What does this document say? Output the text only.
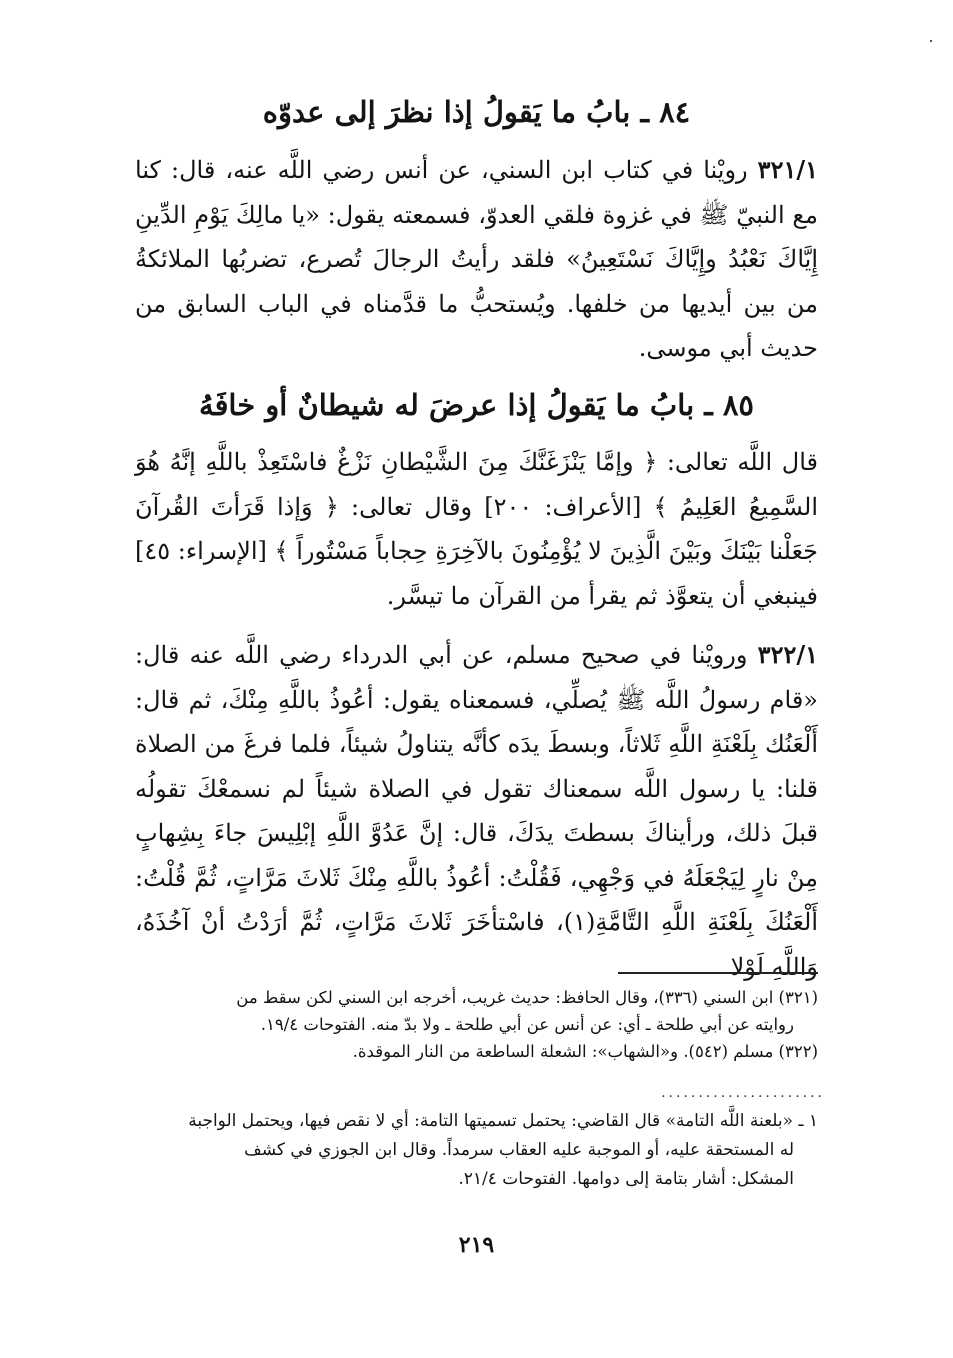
٨٤ ـ بابُ ما يَقولُ إذا نظرَ إلى عدوّه
٣٢١/١ رويْنا في كتاب ابن السني، عن أنس رضي اللَّه عنه، قال: كنا مع النبيّ ﷺ في غزوة فلقي العدوّ، فسمعته يقول: «يا مالِكَ يَوْمِ الدِّينِ إِيَّاكَ نَعْبُدُ وإِيَّاكَ نَسْتَعِينُ» فلقد رأيتُ الرجالَ تُصرع، تضربُها الملائكةُ من بين أيديها من خلفها. ويُستحبُّ ما قدَّمناه في الباب السابق من حديث أبي موسى.
٨٥ ـ بابُ ما يَقولُ إذا عرضَ له شيطانٌ أو خافَهُ
قال اللَّه تعالى: ﴿ وإمَّا يَنْزَغَنَّكَ مِنَ الشَّيْطانِ نَزْغٌ فاسْتَعِذْ باللَّهِ إنَّهُ هُوَ السَّمِيعُ العَلِيمُ ﴾ [الأعراف: ٢٠٠] وقال تعالى: ﴿ وَإذا قَرَأتَ القُرآنَ جَعَلْنا بَيْنَكَ وبَيْنَ الَّذِينَ لا يُؤْمِنُونَ بالآخِرَةِ حِجاباً مَسْتُوراً ﴾ [الإسراء: ٤٥] فينبغي أن يتعوَّذ ثم يقرأ من القرآن ما تيسَّر.
٣٢٢/١ ورويْنا في صحيح مسلم، عن أبي الدرداء رضي اللَّه عنه قال: «قام رسولُ اللَّه ﷺ يُصلِّي، فسمعناه يقول: أعُوذُ باللَّهِ مِنْكَ، ثم قال: أَلْعَنُك بِلَعْنَةِ اللَّهِ ثَلاثاً، وبسطَ يدَه كأنَّه يتناولُ شيئاً، فلما فرغَ من الصلاة قلنا: يا رسول اللَّه سمعناك تقول في الصلاة شيئاً لم نسمعْكَ تقولُه قبلَ ذلك، ورأيناكَ بسطتَ يدَكَ، قال: إنَّ عَدُوَّ اللَّهِ إبْلِيسَ جاءَ بِشِهابٍ مِنْ نارٍ لِيَجْعَلَهُ في وَجْهِي، فَقُلْتُ: أعُوذُ باللَّهِ مِنْكَ ثَلاثَ مَرَّاتٍ، ثُمَّ قُلْتُ: أَلْعَنُكَ بِلَعْنَةِ اللَّهِ التَّامَّةِ(١)، فاسْتأخَرَ ثَلاثَ مَرَّاتٍ، ثُمَّ أرَدْتُ أنْ آخُذَهُ، وَاللَّهِ لَوْلا

(٣٢١) ابن السني (٣٣٦)، وقال الحافظ: حديث غريب، أخرجه ابن السني لكن سقط من

روايته عن أبي طلحة ـ أي: عن أنس عن أبي طلحة ـ ولا بدّ منه. الفتوحات ١٩/٤.

(٣٢٢) مسلم (٥٤٢). و«الشهاب»: الشعلة الساطعة من النار الموقدة.

......................
١ ـ «بلعنة اللَّه التامة» قال القاضي: يحتمل تسميتها التامة: أي لا نقص فيها، ويحتمل الواجبة
له المستحقة عليه، أو الموجبة عليه العقاب سرمداً. وقال ابن الجوزي في كشف
المشكل: أشار بتامة إلى دوامها. الفتوحات ٢١/٤.
٢١٩
